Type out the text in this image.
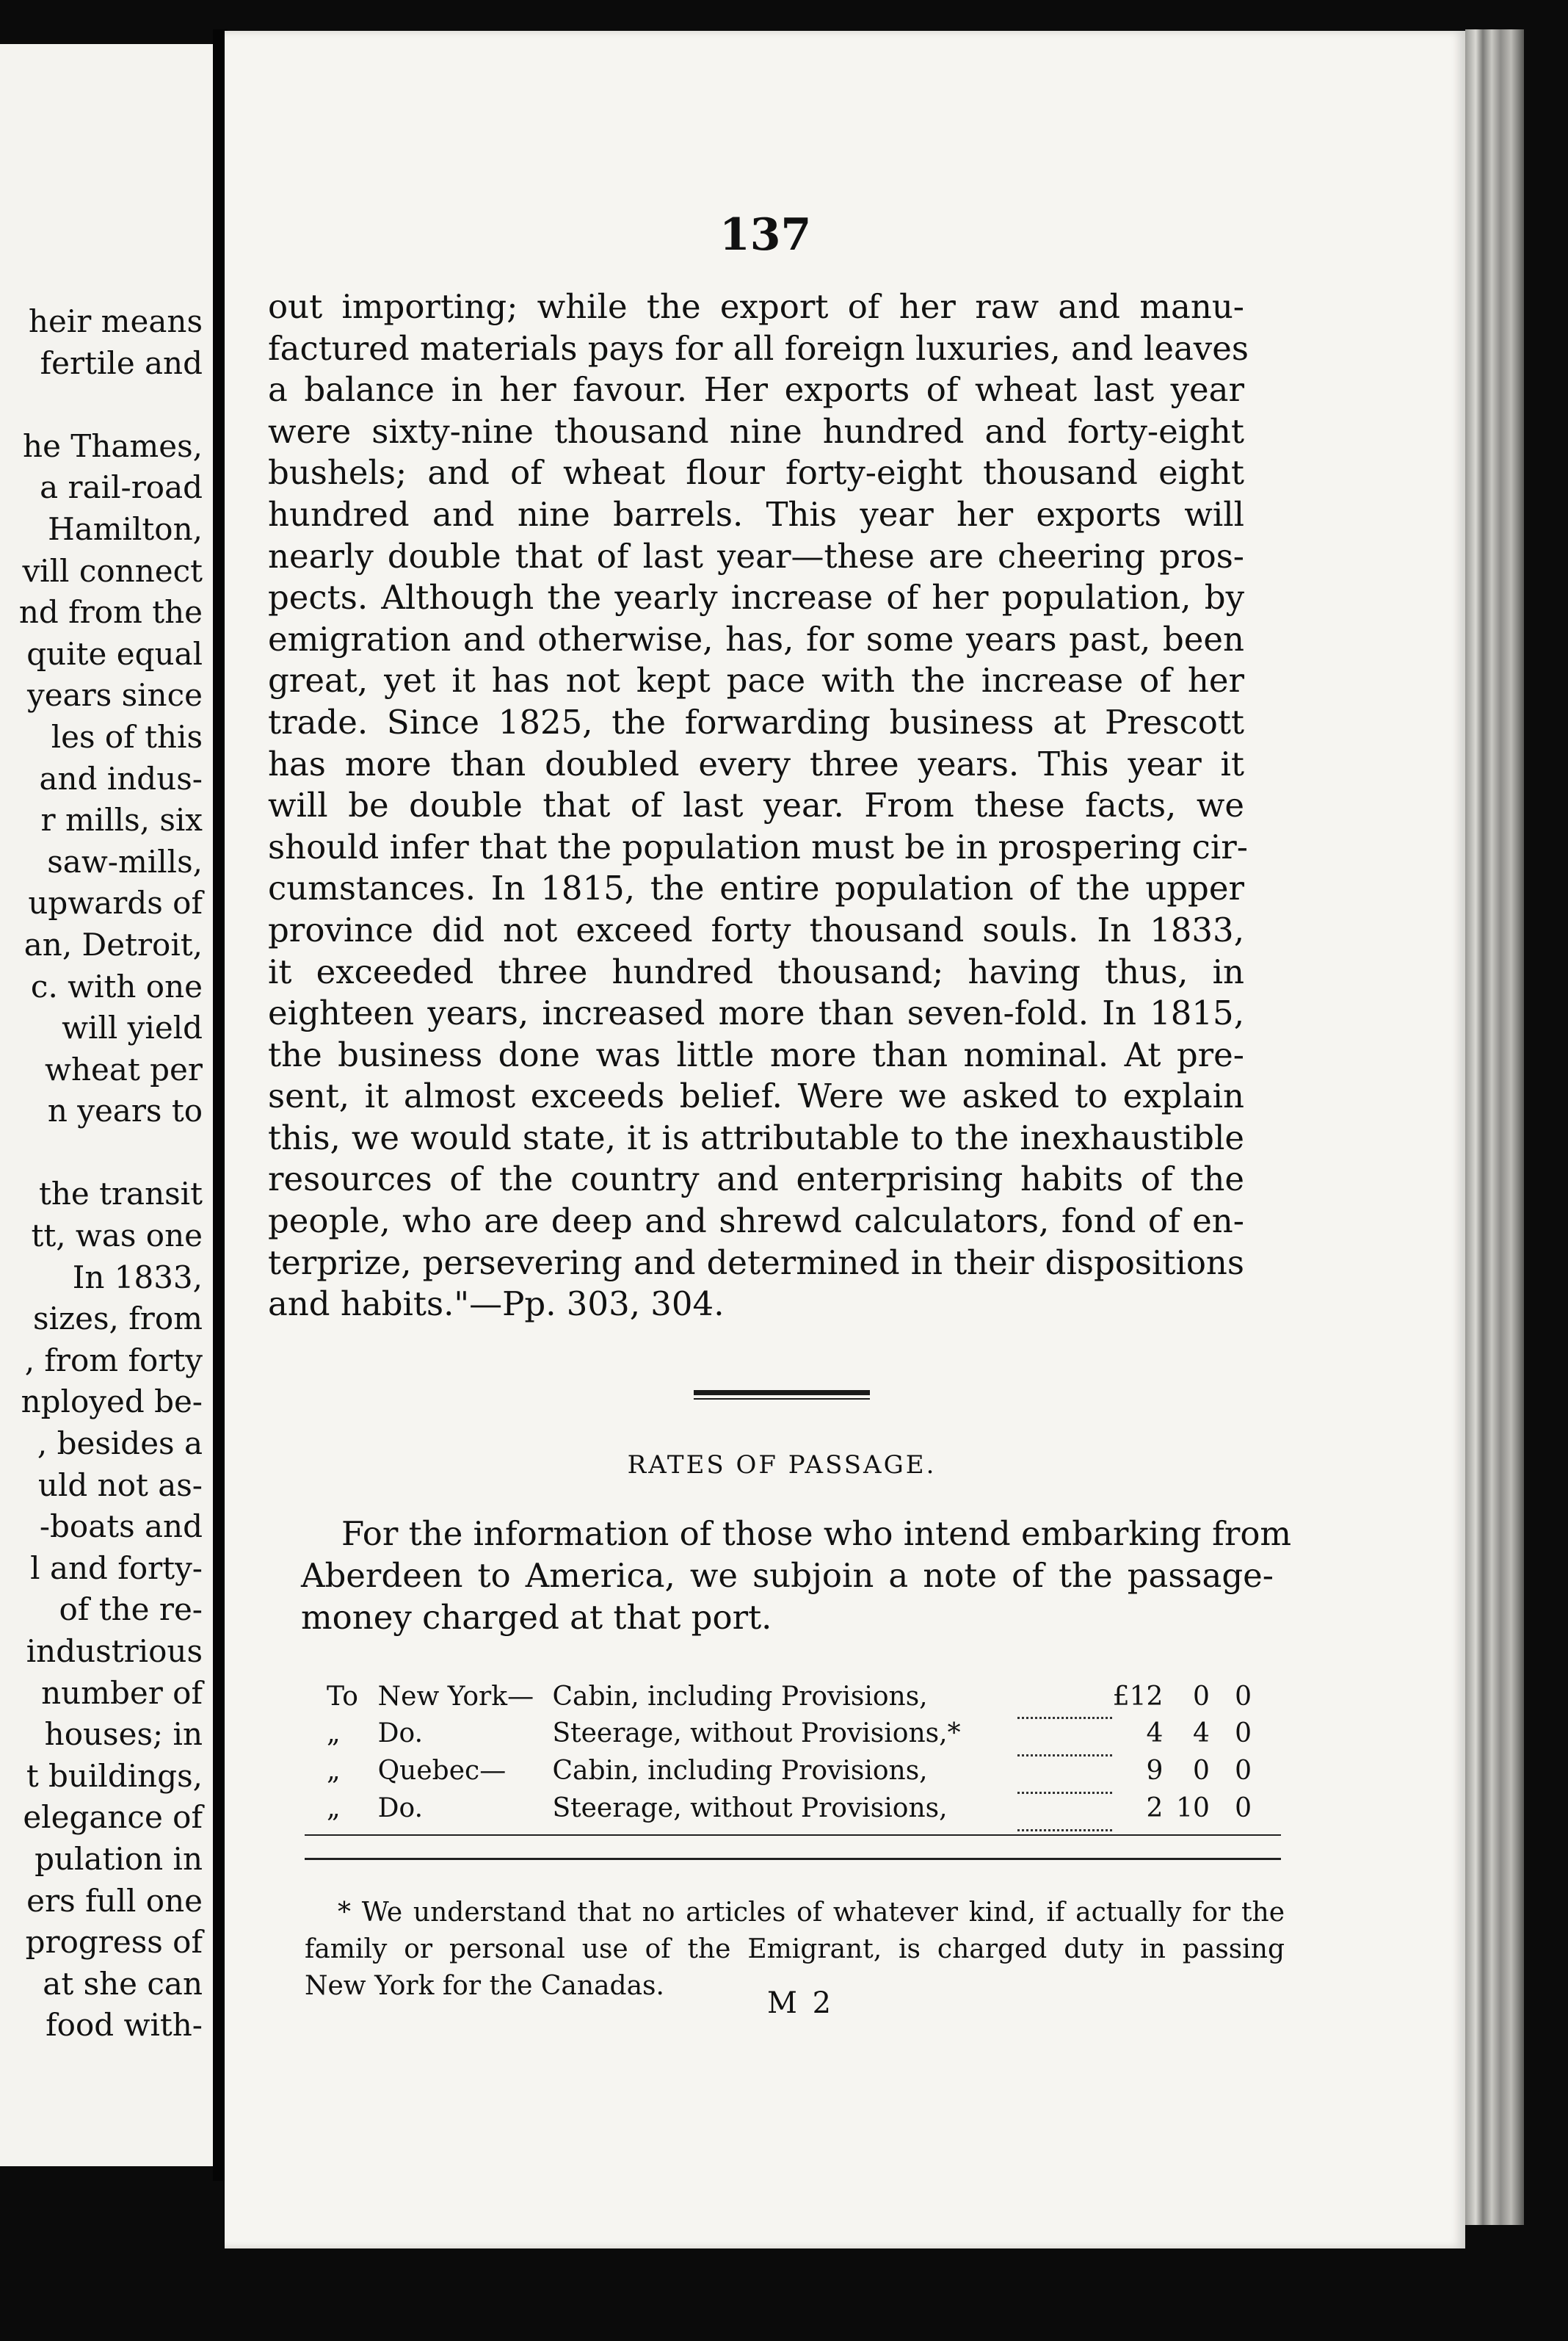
heir means
fertile and

he Thames,
a rail-road
Hamilton,
vill connect
nd from the
quite equal
years since
les of this
and indus-
r mills, six
saw-mills,
upwards of
an, Detroit,
c. with one
will yield
wheat per
n years to

the transit
tt, was one
In 1833,
sizes, from
, from forty
nployed be-
, besides a
uld not as-
-boats and
l and forty-
of the re-
industrious
number of
houses; in
t buildings,
elegance of
pulation in
ers full one
progress of
at she can
food with-
137
out importing; while the export of her raw and manu-
factured materials pays for all foreign luxuries, and leaves
a balance in her favour. Her exports of wheat last year
were sixty-nine thousand nine hundred and forty-eight
bushels; and of wheat flour forty-eight thousand eight
hundred and nine barrels. This year her exports will
nearly double that of last year—these are cheering pros-
pects. Although the yearly increase of her population, by
emigration and otherwise, has, for some years past, been
great, yet it has not kept pace with the increase of her
trade. Since 1825, the forwarding business at Prescott
has more than doubled every three years. This year it
will be double that of last year. From these facts, we
should infer that the population must be in prospering cir-
cumstances. In 1815, the entire population of the upper
province did not exceed forty thousand souls. In 1833,
it exceeded three hundred thousand; having thus, in
eighteen years, increased more than seven-fold. In 1815,
the business done was little more than nominal. At pre-
sent, it almost exceeds belief. Were we asked to explain
this, we would state, it is attributable to the inexhaustible
resources of the country and enterprising habits of the
people, who are deep and shrewd calculators, fond of en-
terprize, persevering and determined in their dispositions
and habits."—Pp. 303, 304.
RATES OF PASSAGE.
For the information of those who intend embarking from
Aberdeen to America, we subjoin a note of the passage-
money charged at that port.
To	New York—	Cabin, including Provisions,		£12	0	0
„	Do.	Steerage, without Provisions,*		4	4	0
„	Quebec—	Cabin, including Provisions,		9	0	0
„	Do.	Steerage, without Provisions,		2	10	0
* We understand that no articles of whatever kind, if actually for the
family or personal use of the Emigrant, is charged duty in passing
New York for the Canadas.
M 2
